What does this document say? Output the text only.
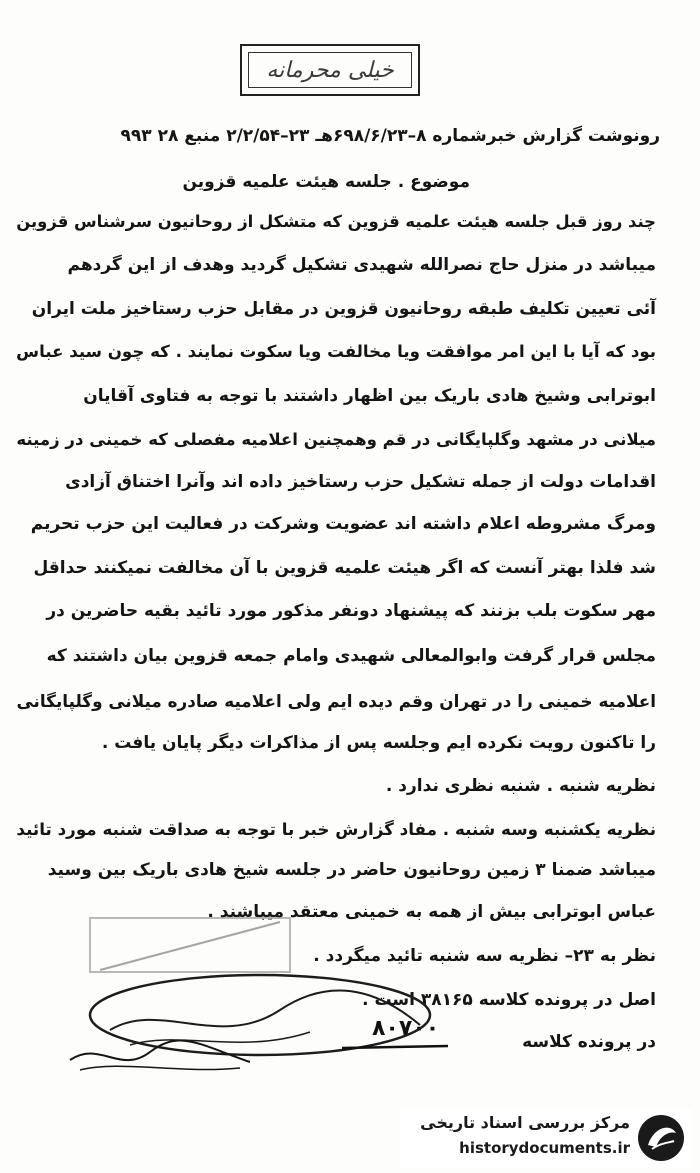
خیلی محرمانه
رونوشت گزارش خبرشماره ۸–۶۹۸/۶/۲۳هـ ۲۳–۲/۲/۵۴ منبع ۲۸ ۹۹۳
موضوع . جلسه هیئت علمیه قزوین
چند روز قبل جلسه هیئت علمیه قزوین که متشکل از روحانیون سرشناس قزوین
میباشد در منزل حاج نصرالله شهیدی تشکیل گردید وهدف از این گردهم
آئی تعیین تکلیف طبقه روحانیون قزوین در مقابل حزب رستاخیز ملت ایران
بود که آیا با این امر موافقت ویا مخالفت ویا سکوت نمایند . که چون سید عباس
ابوترابی وشیخ هادی باریک بین اظهار داشتند با توجه به فتاوی آقایان
میلانی در مشهد وگلپایگانی در قم وهمچنین اعلامیه مفصلی که خمینی در زمینه
اقدامات دولت از جمله تشکیل حزب رستاخیز داده اند وآنرا اختناق آزادی
ومرگ مشروطه اعلام داشته اند عضویت وشرکت در فعالیت این حزب تحریم
شد فلذا بهتر آنست که اگر هیئت علمیه قزوین با آن مخالفت نمیکنند حداقل
مهر سکوت بلب بزنند که پیشنهاد دونفر مذکور مورد تائید بقیه حاضرین در
مجلس قرار گرفت وابوالمعالی شهیدی وامام جمعه قزوین بیان داشتند که
اعلامیه خمینی را در تهران وقم دیده ایم ولی اعلامیه صادره میلانی وگلپایگانی
را تاکنون رویت نکرده ایم وجلسه پس از مذاکرات دیگر پایان یافت .
نظریه شنبه . شنبه نظری ندارد .
نظریه یکشنبه وسه شنبه . مفاد گزارش خبر با توجه به صداقت شنبه مورد تائید
میباشد ضمنا ۳ زمین روحانیون حاضر در جلسه شیخ هادی باریک بین وسید
عباس ابوترابی بیش از همه به خمینی معتقد میباشند .
نظر به ۲۳– نظریه سه شنبه تائید میگردد .
اصل در پرونده کلاسه ۳۸۱۶۵ است .
در پرونده کلاسه
۸۰۷۰۰
مرکز بررسی اسناد تاریخی
historydocuments.ir
